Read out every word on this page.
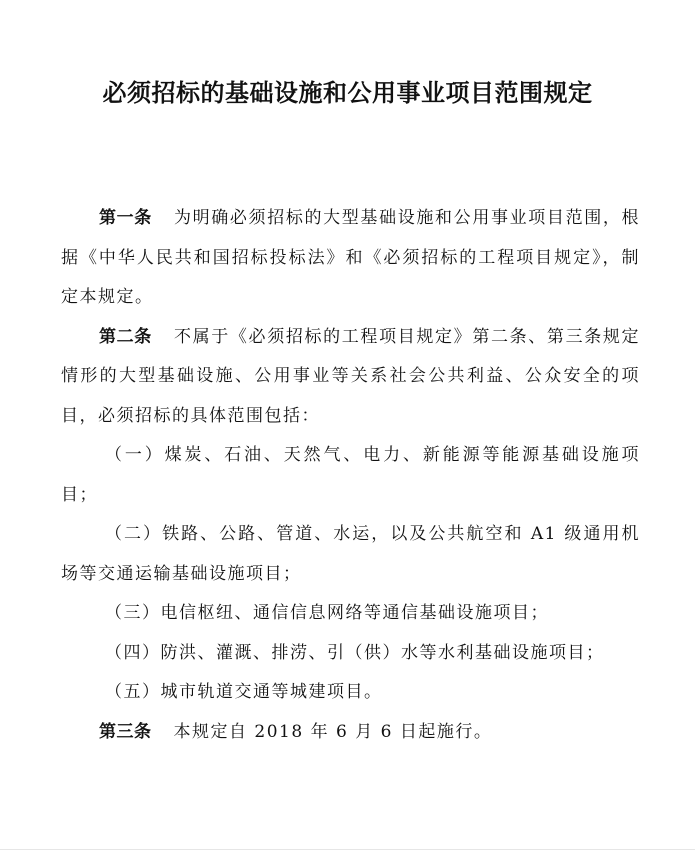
必须招标的基础设施和公用事业项目范围规定

第一条 为明确必须招标的大型基础设施和公用事业项目范围，根据《中华人民共和国招标投标法》和《必须招标的工程项目规定》，制定本规定。

第二条 不属于《必须招标的工程项目规定》第二条、第三条规定情形的大型基础设施、公用事业等关系社会公共利益、公众安全的项目，必须招标的具体范围包括：

（一）煤炭、石油、天然气、电力、新能源等能源基础设施项目；

（二）铁路、公路、管道、水运，以及公共航空和 A1 级通用机场等交通运输基础设施项目；

（三）电信枢纽、通信信息网络等通信基础设施项目；

（四）防洪、灌溉、排涝、引（供）水等水利基础设施项目；

（五）城市轨道交通等城建项目。

第三条 本规定自 2018 年 6 月 6 日起施行。
